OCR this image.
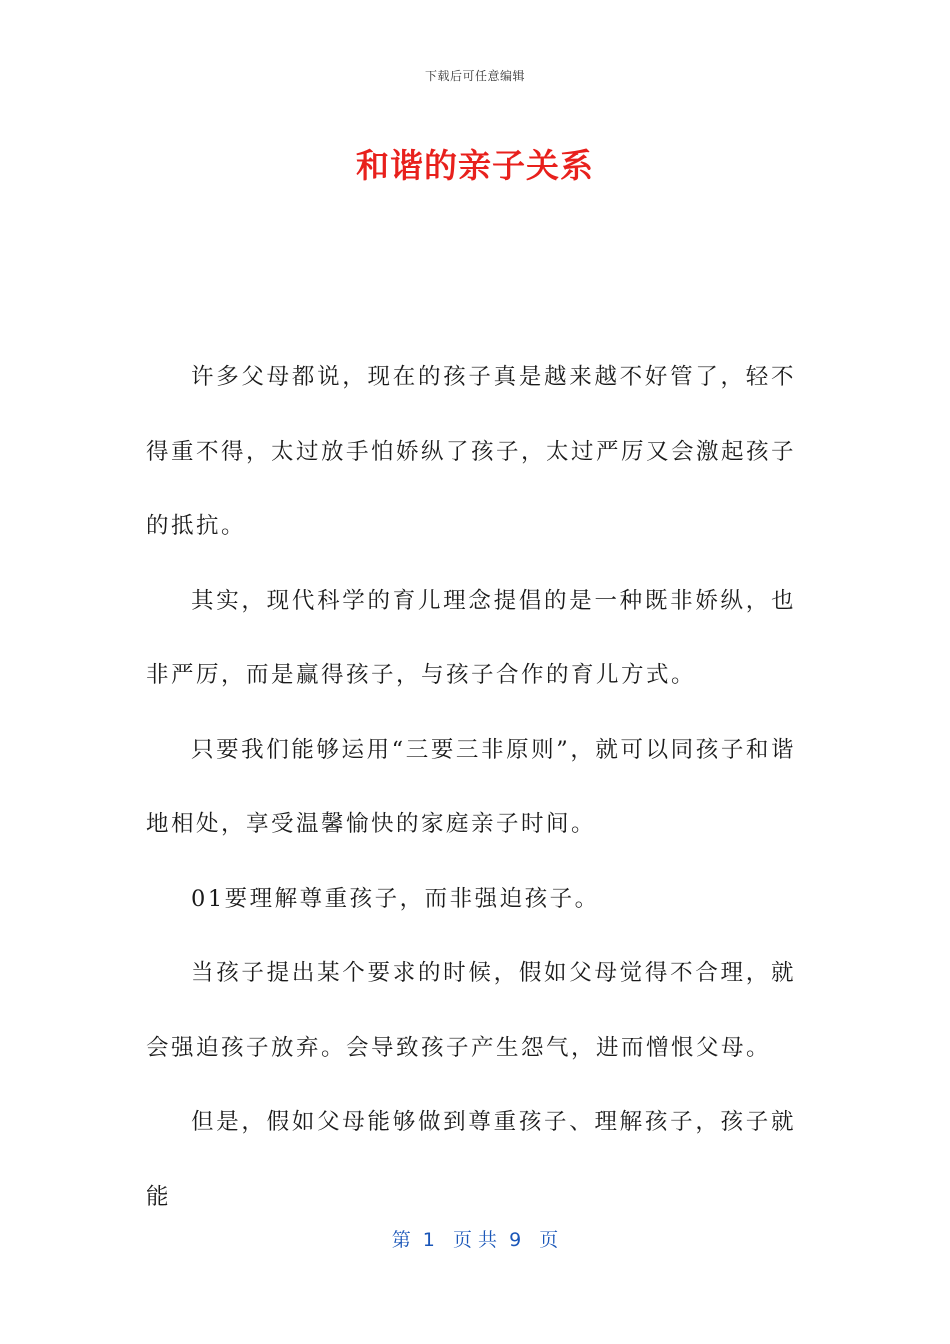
下载后可任意编辑
和谐的亲子关系

许多父母都说，现在的孩子真是越来越不好管了，轻不得重不得，太过放手怕娇纵了孩子，太过严厉又会激起孩子的抵抗。

其实，现代科学的育儿理念提倡的是一种既非娇纵，也非严厉，而是赢得孩子，与孩子合作的育儿方式。

只要我们能够运用“三要三非原则”，就可以同孩子和谐地相处，享受温馨愉快的家庭亲子时间。

01要理解尊重孩子，而非强迫孩子。

当孩子提出某个要求的时候，假如父母觉得不合理，就会强迫孩子放弃。会导致孩子产生怨气，进而憎恨父母。

但是，假如父母能够做到尊重孩子、理解孩子，孩子就能

第  1   页 共  9   页
